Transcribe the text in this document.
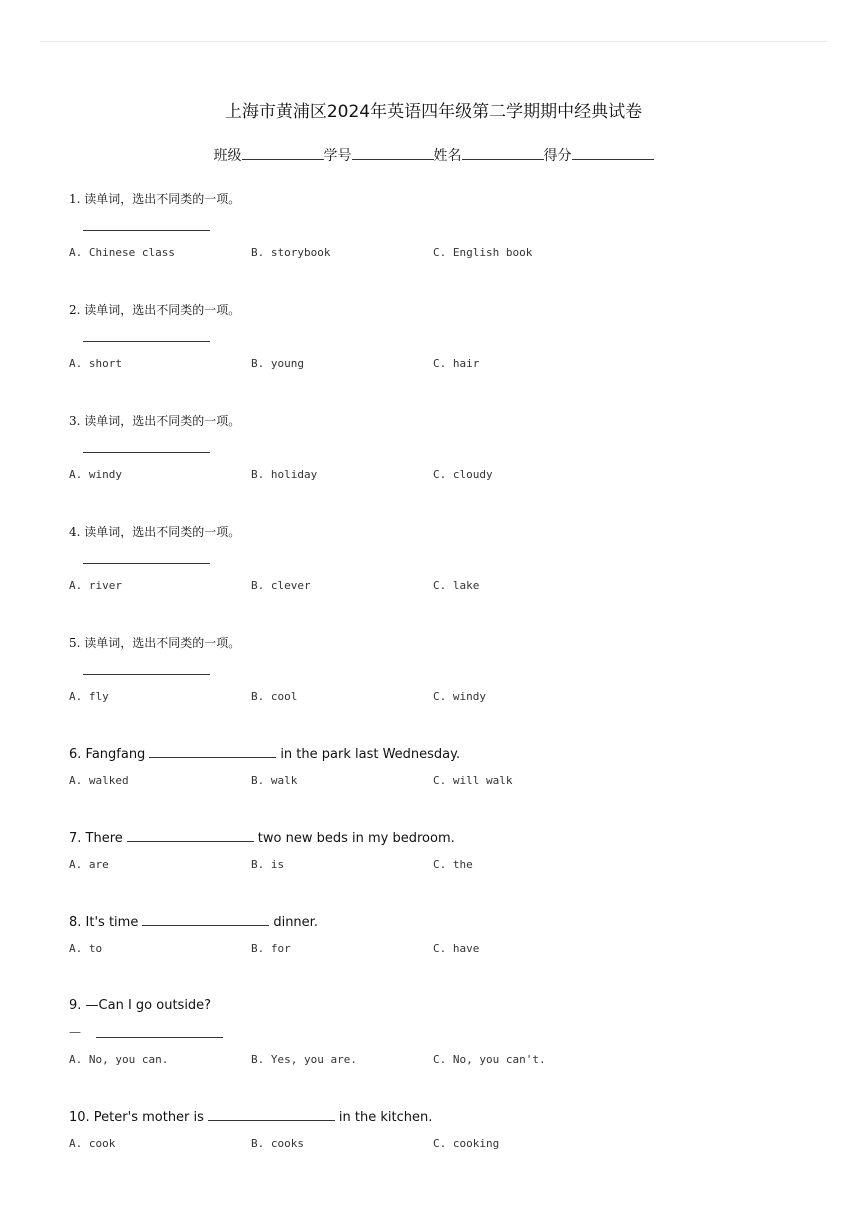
上海市黄浦区2024年英语四年级第二学期期中经典试卷
班级	学号	姓名	得分
1. 读单词，选出不同类的一项。
A. Chinese class	B. storybook	C. English book
2. 读单词，选出不同类的一项。
A. short	B. young	C. hair
3. 读单词，选出不同类的一项。
A. windy	B. holiday	C. cloudy
4. 读单词，选出不同类的一项。
A. river	B. clever	C. lake
5. 读单词，选出不同类的一项。
A. fly	B. cool	C. windy
6. Fangfang	in the park last Wednesday.
A. walked	B. walk	C. will walk
7. There	two new beds in my bedroom.
A. are	B. is	C. the
8. It's time	dinner.
A. to	B. for	C. have
9. —Can I go outside?
—
A. No, you can.	B. Yes, you are.	C. No, you can't.
10. Peter's mother is	in the kitchen.
A. cook	B. cooks	C. cooking
